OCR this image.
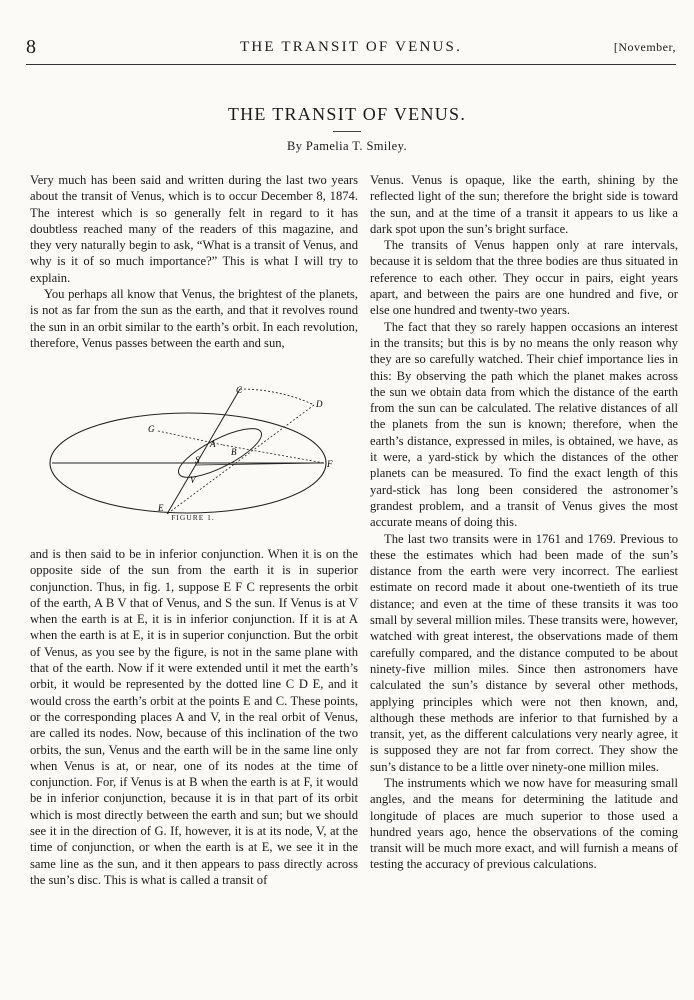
8	THE TRANSIT OF VENUS.	[November,
THE TRANSIT OF VENUS.
By Pamelia T. Smiley.

Very much has been said and written during the last two years about the transit of Venus, which is to occur December 8, 1874. The interest which is so generally felt in regard to it has doubtless reached many of the readers of this magazine, and they very naturally begin to ask, “What is a transit of Venus, and why is it of so much importance?” This is what I will try to explain.

You perhaps all know that Venus, the brightest of the planets, is not as far from the sun as the earth, and that it revolves round the sun in an orbit similar to the earth’s orbit. In each revolution, therefore, Venus passes between the earth and sun,

C
D
G
A
B
S	F
V
E
FIGURE 1.

and is then said to be in inferior conjunction. When it is on the opposite side of the sun from the earth it is in superior conjunction. Thus, in fig. 1, suppose E F C represents the orbit of the earth, A B V that of Venus, and S the sun. If Venus is at V when the earth is at E, it is in inferior conjunction. If it is at A when the earth is at E, it is in superior conjunction. But the orbit of Venus, as you see by the figure, is not in the same plane with that of the earth. Now if it were extended until it met the earth’s orbit, it would be represented by the dotted line C D E, and it would cross the earth’s orbit at the points E and C. These points, or the corresponding places A and V, in the real orbit of Venus, are called its nodes. Now, because of this inclination of the two orbits, the sun, Venus and the earth will be in the same line only when Venus is at, or near, one of its nodes at the time of conjunction. For, if Venus is at B when the earth is at F, it would be in inferior conjunction, because it is in that part of its orbit which is most directly between the earth and sun; but we should see it in the direction of G. If, however, it is at its node, V, at the time of conjunction, or when the earth is at E, we see it in the same line as the sun, and it then appears to pass directly across the sun’s disc. This is what is called a transit of

Venus. Venus is opaque, like the earth, shining by the reflected light of the sun; therefore the bright side is toward the sun, and at the time of a transit it appears to us like a dark spot upon the sun’s bright surface.

The transits of Venus happen only at rare intervals, because it is seldom that the three bodies are thus situated in reference to each other. They occur in pairs, eight years apart, and between the pairs are one hundred and five, or else one hundred and twenty-two years.

The fact that they so rarely happen occasions an interest in the transits; but this is by no means the only reason why they are so carefully watched. Their chief importance lies in this: By observing the path which the planet makes across the sun we obtain data from which the distance of the earth from the sun can be calculated. The relative distances of all the planets from the sun is known; therefore, when the earth’s distance, expressed in miles, is obtained, we have, as it were, a yard-stick by which the distances of the other planets can be measured. To find the exact length of this yard-stick has long been considered the astronomer’s grandest problem, and a transit of Venus gives the most accurate means of doing this.

The last two transits were in 1761 and 1769. Previous to these the estimates which had been made of the sun’s distance from the earth were very incorrect. The earliest estimate on record made it about one-twentieth of its true distance; and even at the time of these transits it was too small by several million miles. These transits were, however, watched with great interest, the observations made of them carefully compared, and the distance computed to be about ninety-five million miles. Since then astronomers have calculated the sun’s distance by several other methods, applying principles which were not then known, and, although these methods are inferior to that furnished by a transit, yet, as the different calculations very nearly agree, it is supposed they are not far from correct. They show the sun’s distance to be a little over ninety-one million miles.

The instruments which we now have for measuring small angles, and the means for determining the latitude and longitude of places are much superior to those used a hundred years ago, hence the observations of the coming transit will be much more exact, and will furnish a means of testing the accuracy of previous calculations.
